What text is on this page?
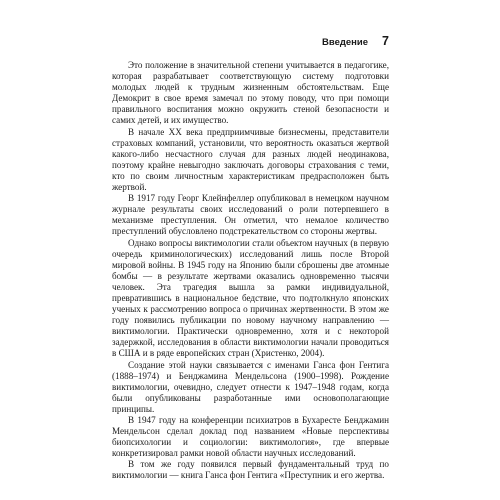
Введение 7

Это положение в значительной степени учитывается в педагогике, которая разрабатывает соответствующую систему подготовки молодых людей к трудным жизненным обстоятельствам. Еще Демокрит в свое время замечал по этому поводу, что при помощи правильного воспитания можно окружить стеной безопасности и самих детей, и их имущество.

В начале XX века предприимчивые бизнесмены, представители страховых компаний, установили, что вероятность оказаться жертвой какого-либо несчастного случая для разных людей неодинакова, поэтому крайне невыгодно заключать договоры страхования с теми, кто по своим личностным характеристикам предрасположен быть жертвой.

В 1917 году Георг Клейнфеллер опубликовал в немецком научном журнале результаты своих исследований о роли потерпевшего в механизме преступления. Он отметил, что немалое количество преступлений обусловлено подстрекательством со стороны жертвы.

Однако вопросы виктимологии стали объектом научных (в первую очередь криминологических) исследований лишь после Второй мировой войны. В 1945 году на Японию были сброшены две атомные бомбы — в результате жертвами оказались одновременно тысячи человек. Эта трагедия вышла за рамки индивидуальной, превратившись в национальное бедствие, что подтолкнуло японских ученых к рассмотрению вопроса о причинах жертвенности. В этом же году появились публикации по новому научному направлению — виктимологии. Практически одновременно, хотя и с некоторой задержкой, исследования в области виктимологии начали проводиться в США и в ряде европейских стран (Христенко, 2004).

Создание этой науки связывается с именами Ганса фон Гентига (1888–1974) и Бенджамина Мендельсона (1900–1998). Рождение виктимологии, очевидно, следует отнести к 1947–1948 годам, когда были опубликованы разработанные ими основополагающие принципы.

В 1947 году на конференции психиатров в Бухаресте Бенджамин Мендельсон сделал доклад под названием «Новые перспективы биопсихологии и социологии: виктимология», где впервые конкретизировал рамки новой области научных исследований.

В том же году появился первый фундаментальный труд по виктимологии — книга Ганса фон Гентига «Преступник и его жертва.
